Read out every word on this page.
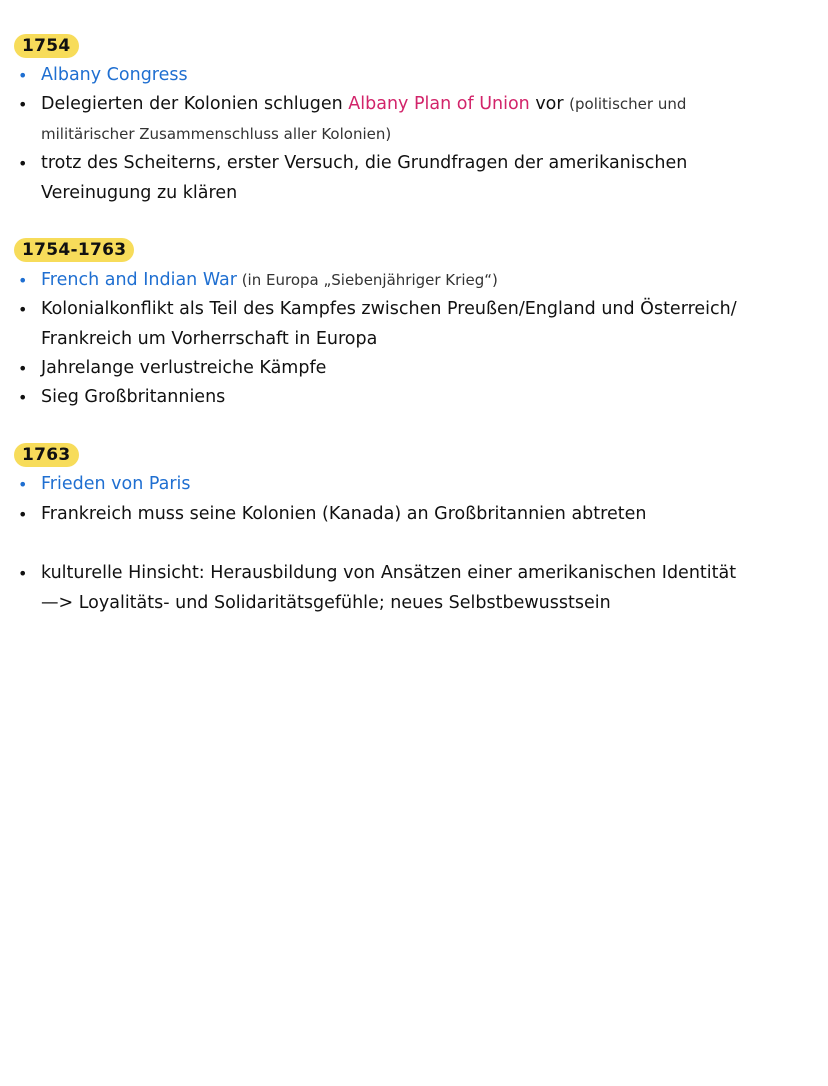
1754
• Albany Congress
• Delegierten der Kolonien schlugen Albany Plan of Union vor (politischer und
militärischer Zusammenschluss aller Kolonien)
• trotz des Scheiterns, erster Versuch, die Grundfragen der amerikanischen
Vereinugung zu klären
1754-1763
• French and Indian War (in Europa „Siebenjähriger Krieg“)
• Kolonialkonflikt als Teil des Kampfes zwischen Preußen/England und Österreich/
Frankreich um Vorherrschaft in Europa
• Jahrelange verlustreiche Kämpfe
• Sieg Großbritanniens
1763
• Frieden von Paris
• Frankreich muss seine Kolonien (Kanada) an Großbritannien abtreten
• kulturelle Hinsicht: Herausbildung von Ansätzen einer amerikanischen Identität
—> Loyalitäts- und Solidaritätsgefühle; neues Selbstbewusstsein
